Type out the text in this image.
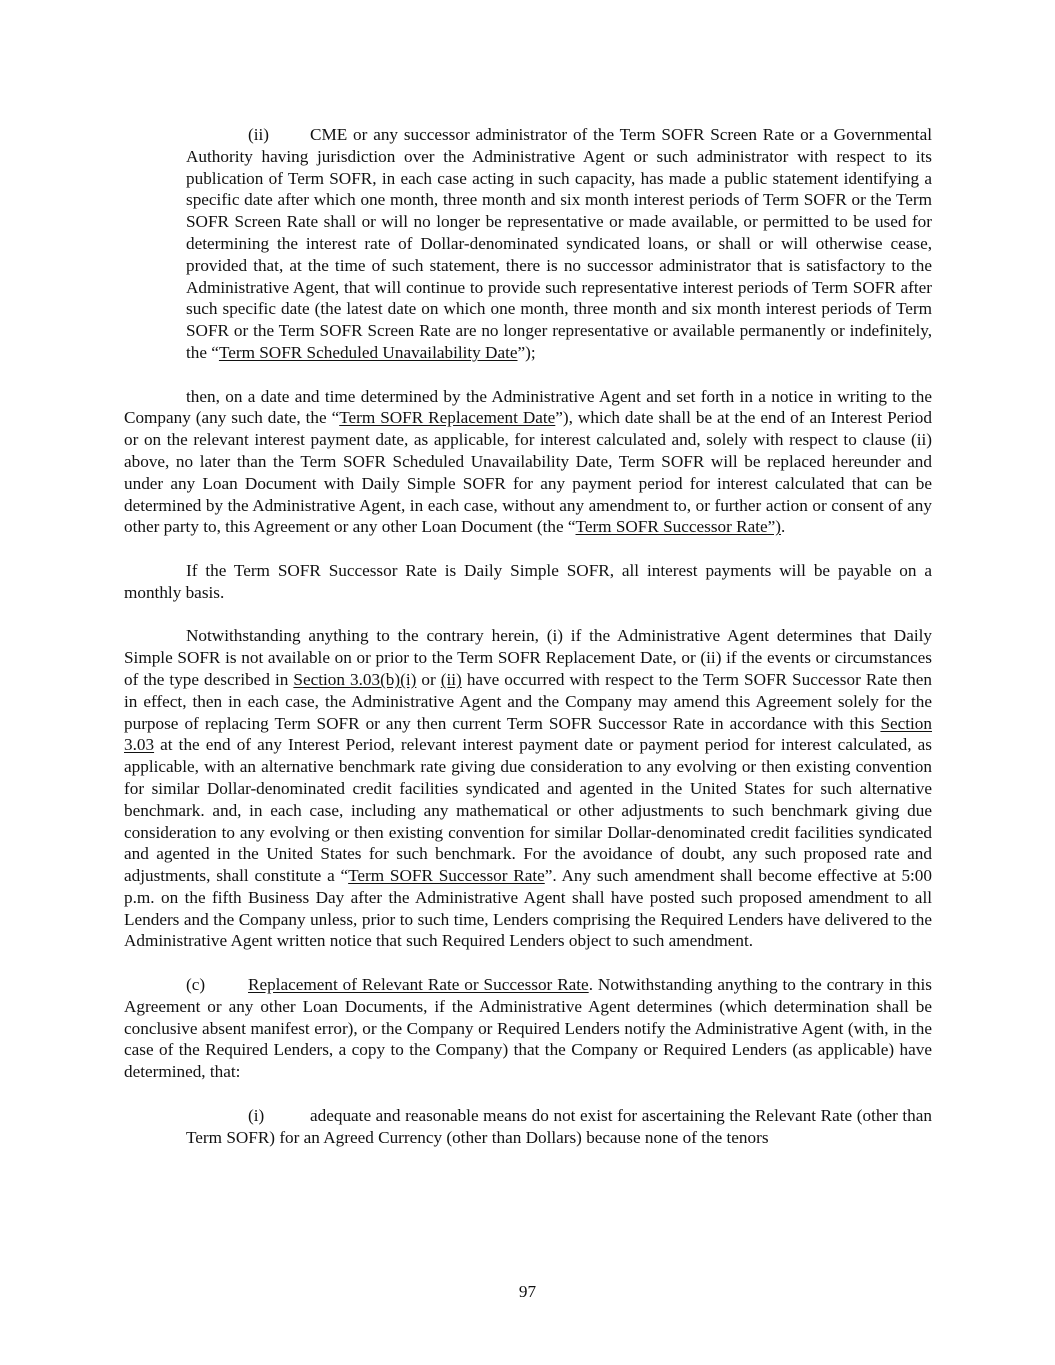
(ii) CME or any successor administrator of the Term SOFR Screen Rate or a Governmental Authority having jurisdiction over the Administrative Agent or such administrator with respect to its publication of Term SOFR, in each case acting in such capacity, has made a public statement identifying a specific date after which one month, three month and six month interest periods of Term SOFR or the Term SOFR Screen Rate shall or will no longer be representative or made available, or permitted to be used for determining the interest rate of Dollar-denominated syndicated loans, or shall or will otherwise cease, provided that, at the time of such statement, there is no successor administrator that is satisfactory to the Administrative Agent, that will continue to provide such representative interest periods of Term SOFR after such specific date (the latest date on which one month, three month and six month interest periods of Term SOFR or the Term SOFR Screen Rate are no longer representative or available permanently or indefinitely, the “Term SOFR Scheduled Unavailability Date”);

then, on a date and time determined by the Administrative Agent and set forth in a notice in writing to the Company (any such date, the “Term SOFR Replacement Date”), which date shall be at the end of an Interest Period or on the relevant interest payment date, as applicable, for interest calculated and, solely with respect to clause (ii) above, no later than the Term SOFR Scheduled Unavailability Date, Term SOFR will be replaced hereunder and under any Loan Document with Daily Simple SOFR for any payment period for interest calculated that can be determined by the Administrative Agent, in each case, without any amendment to, or further action or consent of any other party to, this Agreement or any other Loan Document (the “Term SOFR Successor Rate”).

If the Term SOFR Successor Rate is Daily Simple SOFR, all interest payments will be payable on a monthly basis.

Notwithstanding anything to the contrary herein, (i) if the Administrative Agent determines that Daily Simple SOFR is not available on or prior to the Term SOFR Replacement Date, or (ii) if the events or circumstances of the type described in Section 3.03(b)(i) or (ii) have occurred with respect to the Term SOFR Successor Rate then in effect, then in each case, the Administrative Agent and the Company may amend this Agreement solely for the purpose of replacing Term SOFR or any then current Term SOFR Successor Rate in accordance with this Section 3.03 at the end of any Interest Period, relevant interest payment date or payment period for interest calculated, as applicable, with an alternative benchmark rate giving due consideration to any evolving or then existing convention for similar Dollar-denominated credit facilities syndicated and agented in the United States for such alternative benchmark. and, in each case, including any mathematical or other adjustments to such benchmark giving due consideration to any evolving or then existing convention for similar Dollar-denominated credit facilities syndicated and agented in the United States for such benchmark. For the avoidance of doubt, any such proposed rate and adjustments, shall constitute a “Term SOFR Successor Rate”. Any such amendment shall become effective at 5:00 p.m. on the fifth Business Day after the Administrative Agent shall have posted such proposed amendment to all Lenders and the Company unless, prior to such time, Lenders comprising the Required Lenders have delivered to the Administrative Agent written notice that such Required Lenders object to such amendment.

(c) Replacement of Relevant Rate or Successor Rate. Notwithstanding anything to the contrary in this Agreement or any other Loan Documents, if the Administrative Agent determines (which determination shall be conclusive absent manifest error), or the Company or Required Lenders notify the Administrative Agent (with, in the case of the Required Lenders, a copy to the Company) that the Company or Required Lenders (as applicable) have determined, that:

(i)	adequate and reasonable means do not exist for ascertaining the Relevant Rate (other than Term SOFR) for an Agreed Currency (other than Dollars) because none of the tenors

97
